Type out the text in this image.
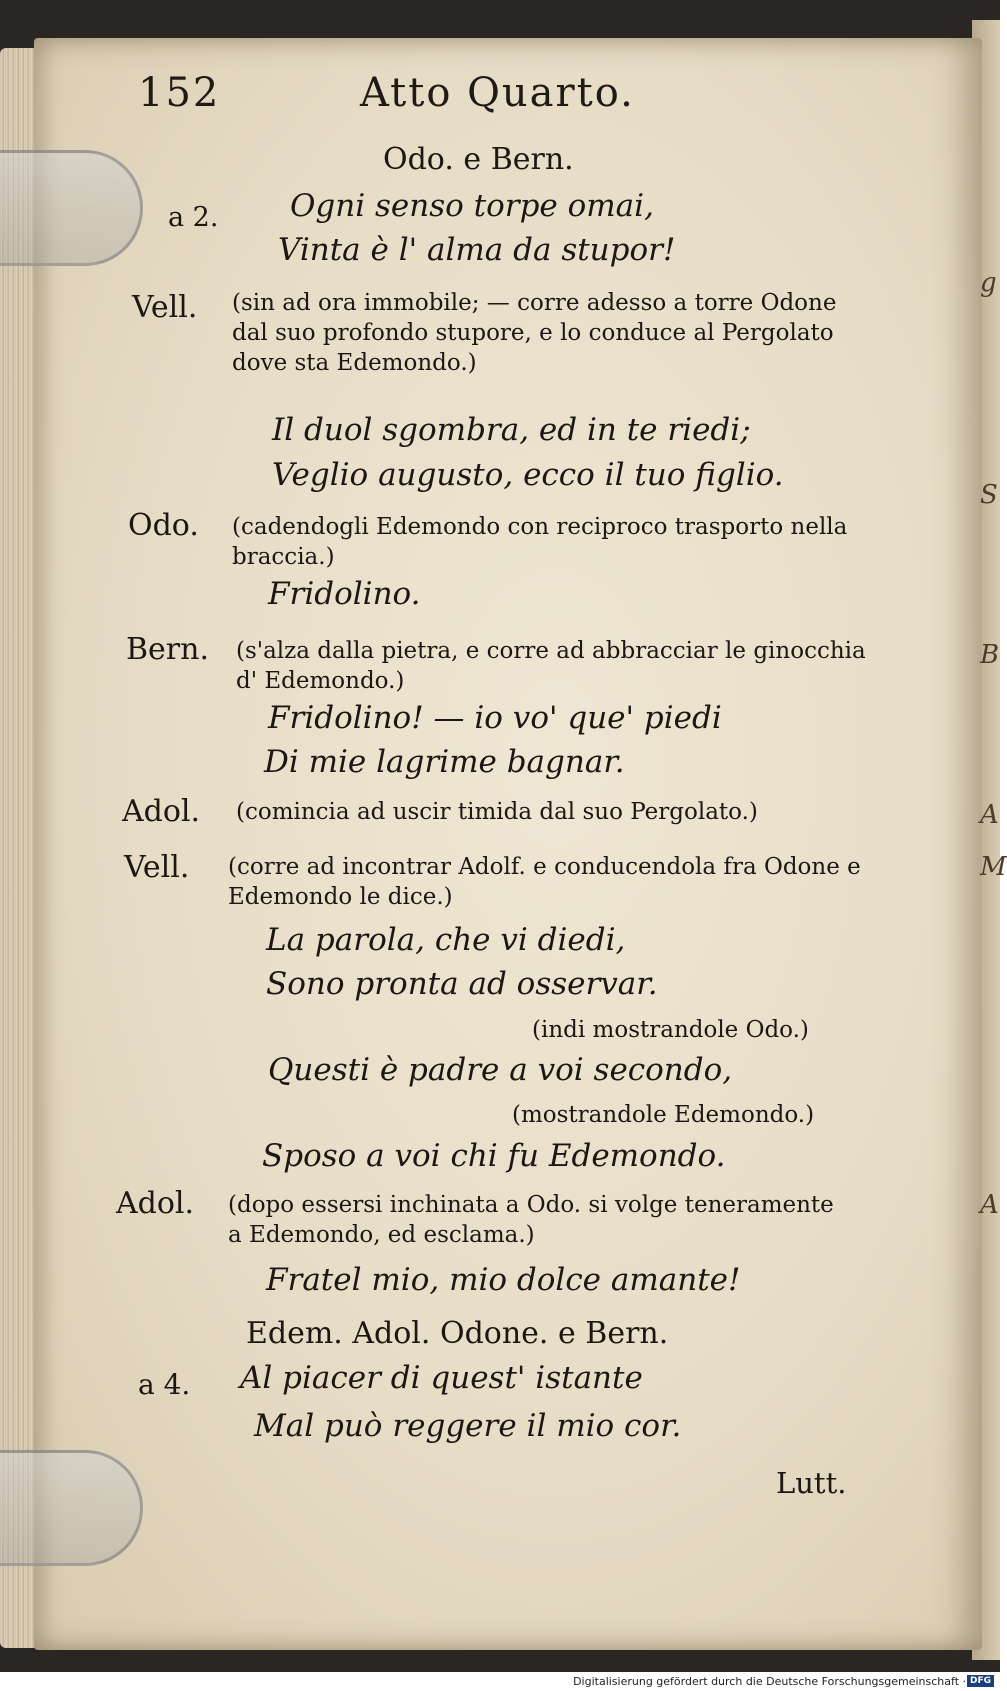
g
S
B
A
M
A
152	Atto Quarto.
Odo. e Bern.
a 2. Ogni senso torpe omai,
Vinta è l' alma da stupor!
Vell.	(sin ad ora immobile; — corre adesso a torre Odone dal suo profondo stupore, e lo conduce al Pergolato dove sta Edemondo.)
Il duol sgombra, ed in te riedi;
Veglio augusto, ecco il tuo figlio.
Odo.	(cadendogli Edemondo con reciproco trasporto nella braccia.)
Fridolino.
Bern.	(s'alza dalla pietra, e corre ad abbracciar le ginocchia d' Edemondo.)
Fridolino! — io vo' que' piedi
Di mie lagrime bagnar.
Adol. (comincia ad uscir timida dal suo Pergolato.)
Vell.	(corre ad incontrar Adolf. e conducendola fra Odone e Edemondo le dice.)
La parola, che vi diedi,
Sono pronta ad osservar.
(indi mostrandole Odo.)
Questi è padre a voi secondo,
(mostrandole Edemondo.)
Sposo a voi chi fu Edemondo.
Adol.	(dopo essersi inchinata a Odo. si volge teneramente a Edemondo, ed esclama.)
Fratel mio, mio dolce amante!
Edem. Adol. Odone. e Bern.
a 4. Al piacer di quest' istante
Mal può reggere il mio cor.
Lutt.
Digitalisierung gefördert durch die Deutsche Forschungsgemeinschaft · DFG
